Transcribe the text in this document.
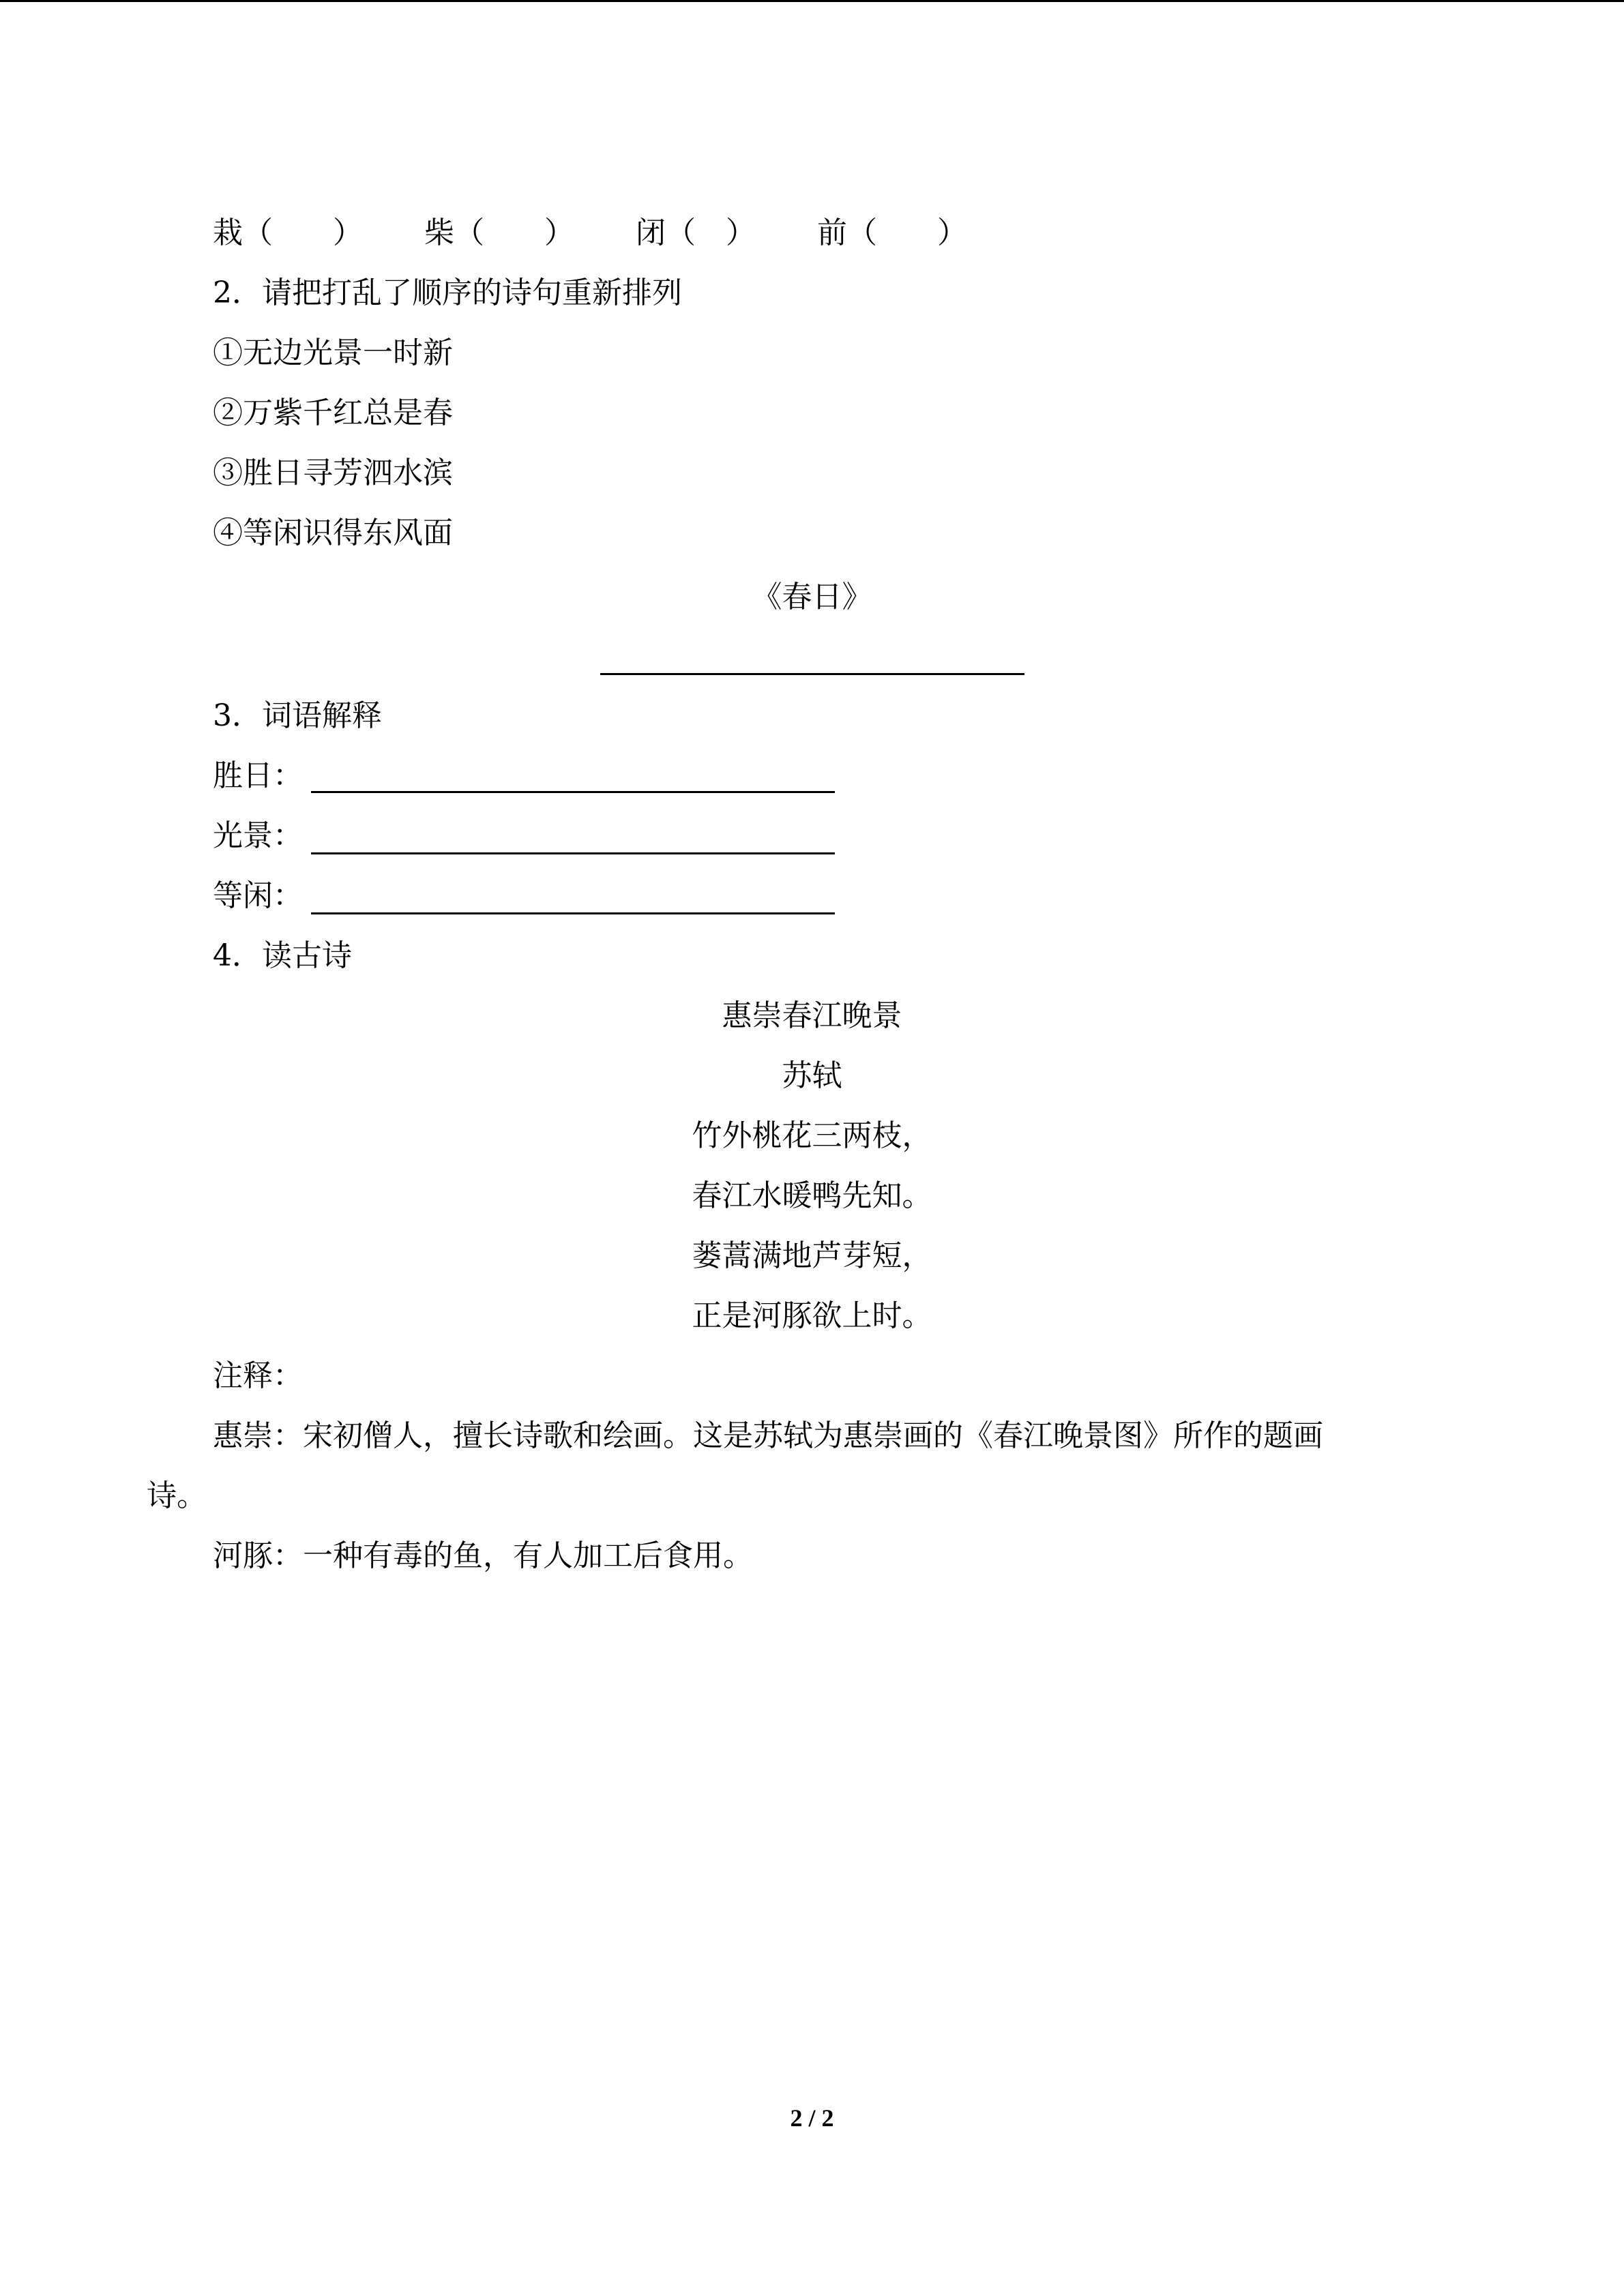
栽（　　） 柴（　　） 闭（　） 前（　　）
2．请把打乱了顺序的诗句重新排列
①无边光景一时新
②万紫千红总是春
③胜日寻芳泗水滨
④等闲识得东风面
《春日》
3．词语解释
胜日：
光景：
等闲：
4．读古诗
惠崇春江晚景
苏轼
竹外桃花三两枝，
春江水暖鸭先知。
蒌蒿满地芦芽短，
正是河豚欲上时。
注释：
惠崇：宋初僧人，擅长诗歌和绘画。这是苏轼为惠崇画的《春江晚景图》所作的题画
诗。
河豚：一种有毒的鱼，有人加工后食用。
2 / 2
